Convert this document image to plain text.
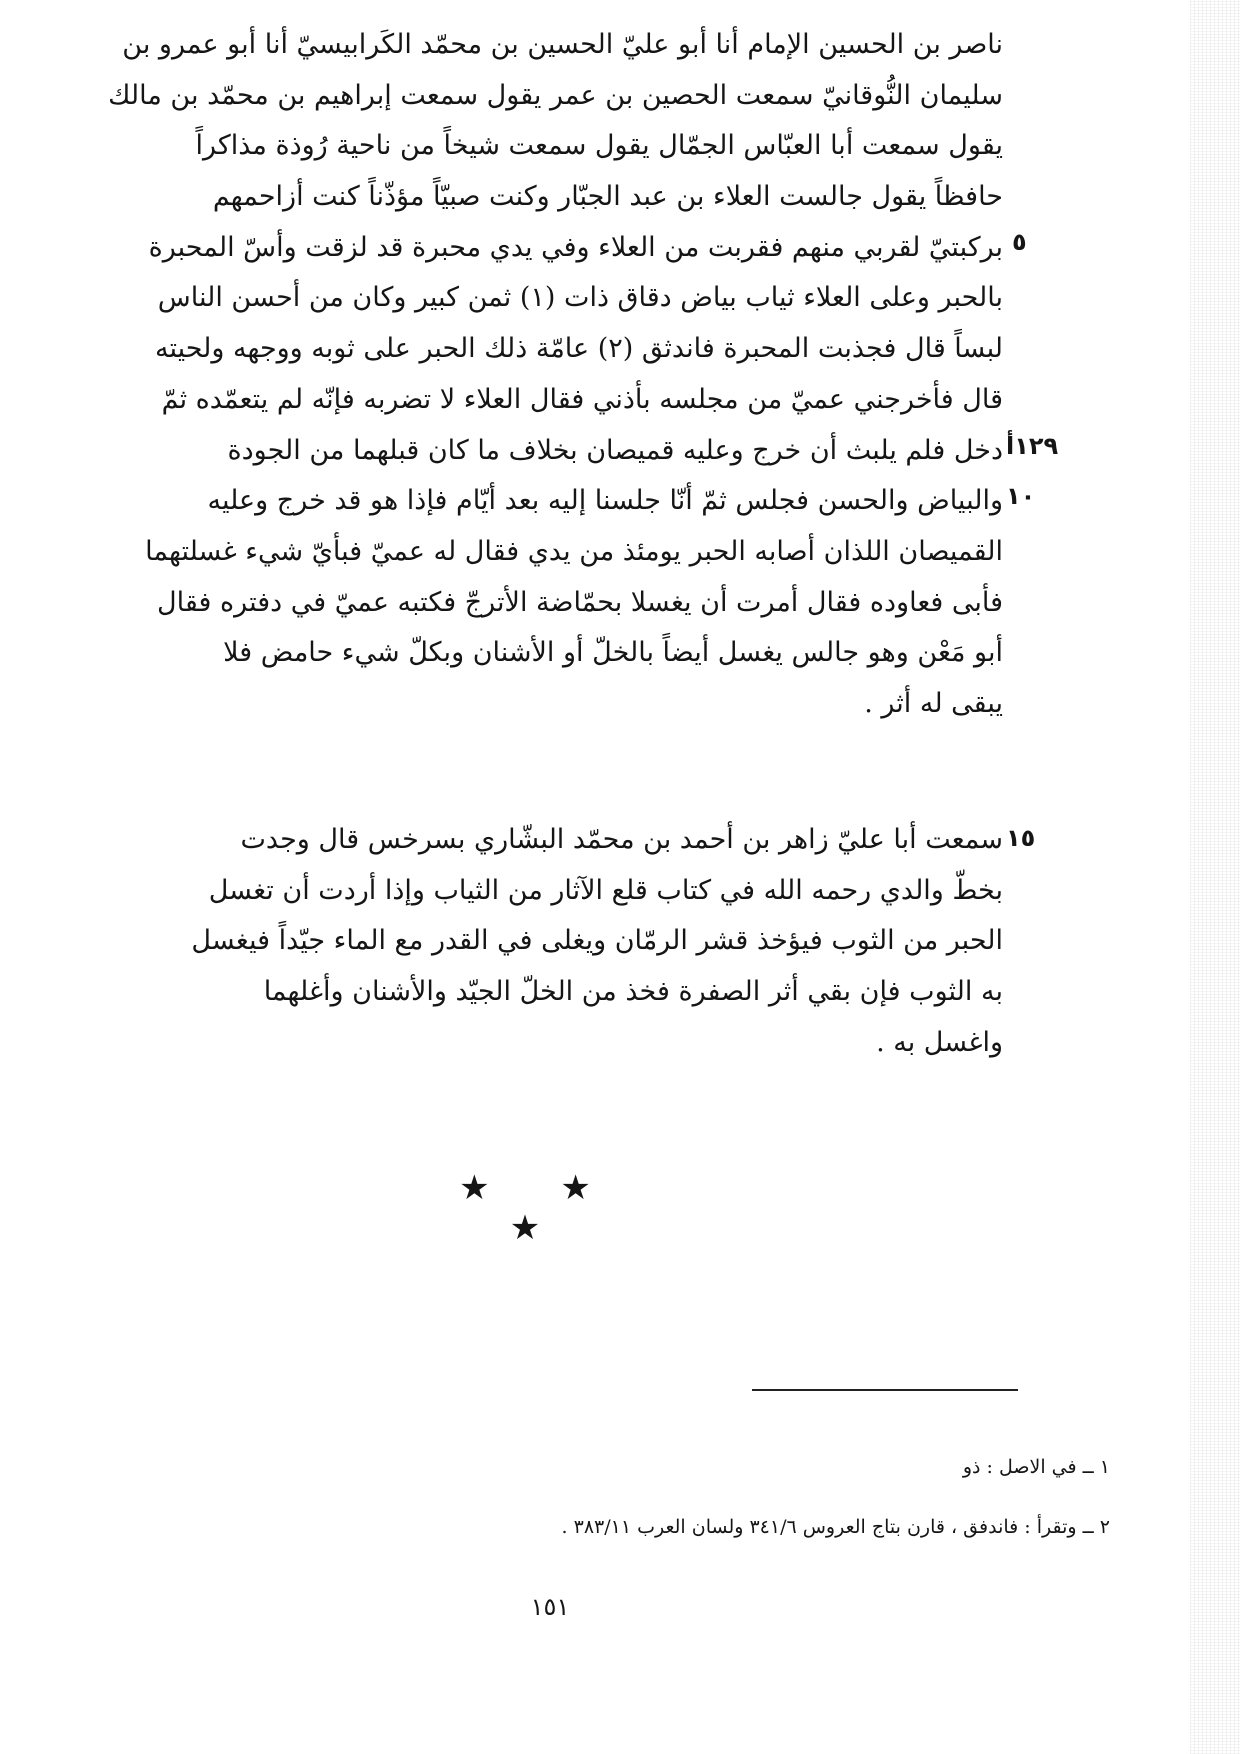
ناصر بن الحسين الإمام أنا أبو عليّ الحسين بن محمّد الكَرابيسيّ أنا أبو عمرو بن
سليمان النُّوقانيّ سمعت الحصين بن عمر يقول سمعت إبراهيم بن محمّد بن مالك
يقول سمعت أبا العبّاس الجمّال يقول سمعت شيخاً من ناحية رُوذة مذاكراً
حافظاً يقول جالست العلاء بن عبد الجبّار وكنت صبيّاً مؤذّناً كنت أزاحمهم
بركبتيّ لقربي منهم فقربت من العلاء وفي يدي محبرة قد لزقت وأسّ المحبرة
بالحبر وعلى العلاء ثياب بياض دقاق ذات (١) ثمن كبير وكان من أحسن الناس
لبساً قال فجذبت المحبرة فاندثق (٢) عامّة ذلك الحبر على ثوبه ووجهه ولحيته
قال فأخرجني عميّ من مجلسه بأذني فقال العلاء لا تضربه فإنّه لم يتعمّده ثمّ
دخل فلم يلبث أن خرج وعليه قميصان بخلاف ما كان قبلهما من الجودة
والبياض والحسن فجلس ثمّ أنّا جلسنا إليه بعد أيّام فإذا هو قد خرج وعليه
القميصان اللذان أصابه الحبر يومئذ من يدي فقال له عميّ فبأيّ شيء غسلتهما
فأبى فعاوده فقال أمرت أن يغسلا بحمّاضة الأترجّ فكتبه عميّ في دفتره فقال
أبو مَعْن وهو جالس يغسل أيضاً بالخلّ أو الأشنان وبكلّ شيء حامض فلا
يبقى له أثر .
٥
١٢٩أ
١٠
١٥
سمعت أبا عليّ زاهر بن أحمد بن محمّد البشّاري بسرخس قال وجدت
بخطّ والدي رحمه الله في كتاب قلع الآثار من الثياب وإذا أردت أن تغسل
الحبر من الثوب فيؤخذ قشر الرمّان ويغلى في القدر مع الماء جيّداً فيغسل
به الثوب فإن بقي أثر الصفرة فخذ من الخلّ الجيّد والأشنان وأغلهما
واغسل به .
★ ★ ★
١ ــ في الاصل : ذو
٢ ــ وتقرأ : فاندفق ، قارن بتاج العروس ٣٤١/٦ ولسان العرب ٣٨٣/١١ .
١٥١
